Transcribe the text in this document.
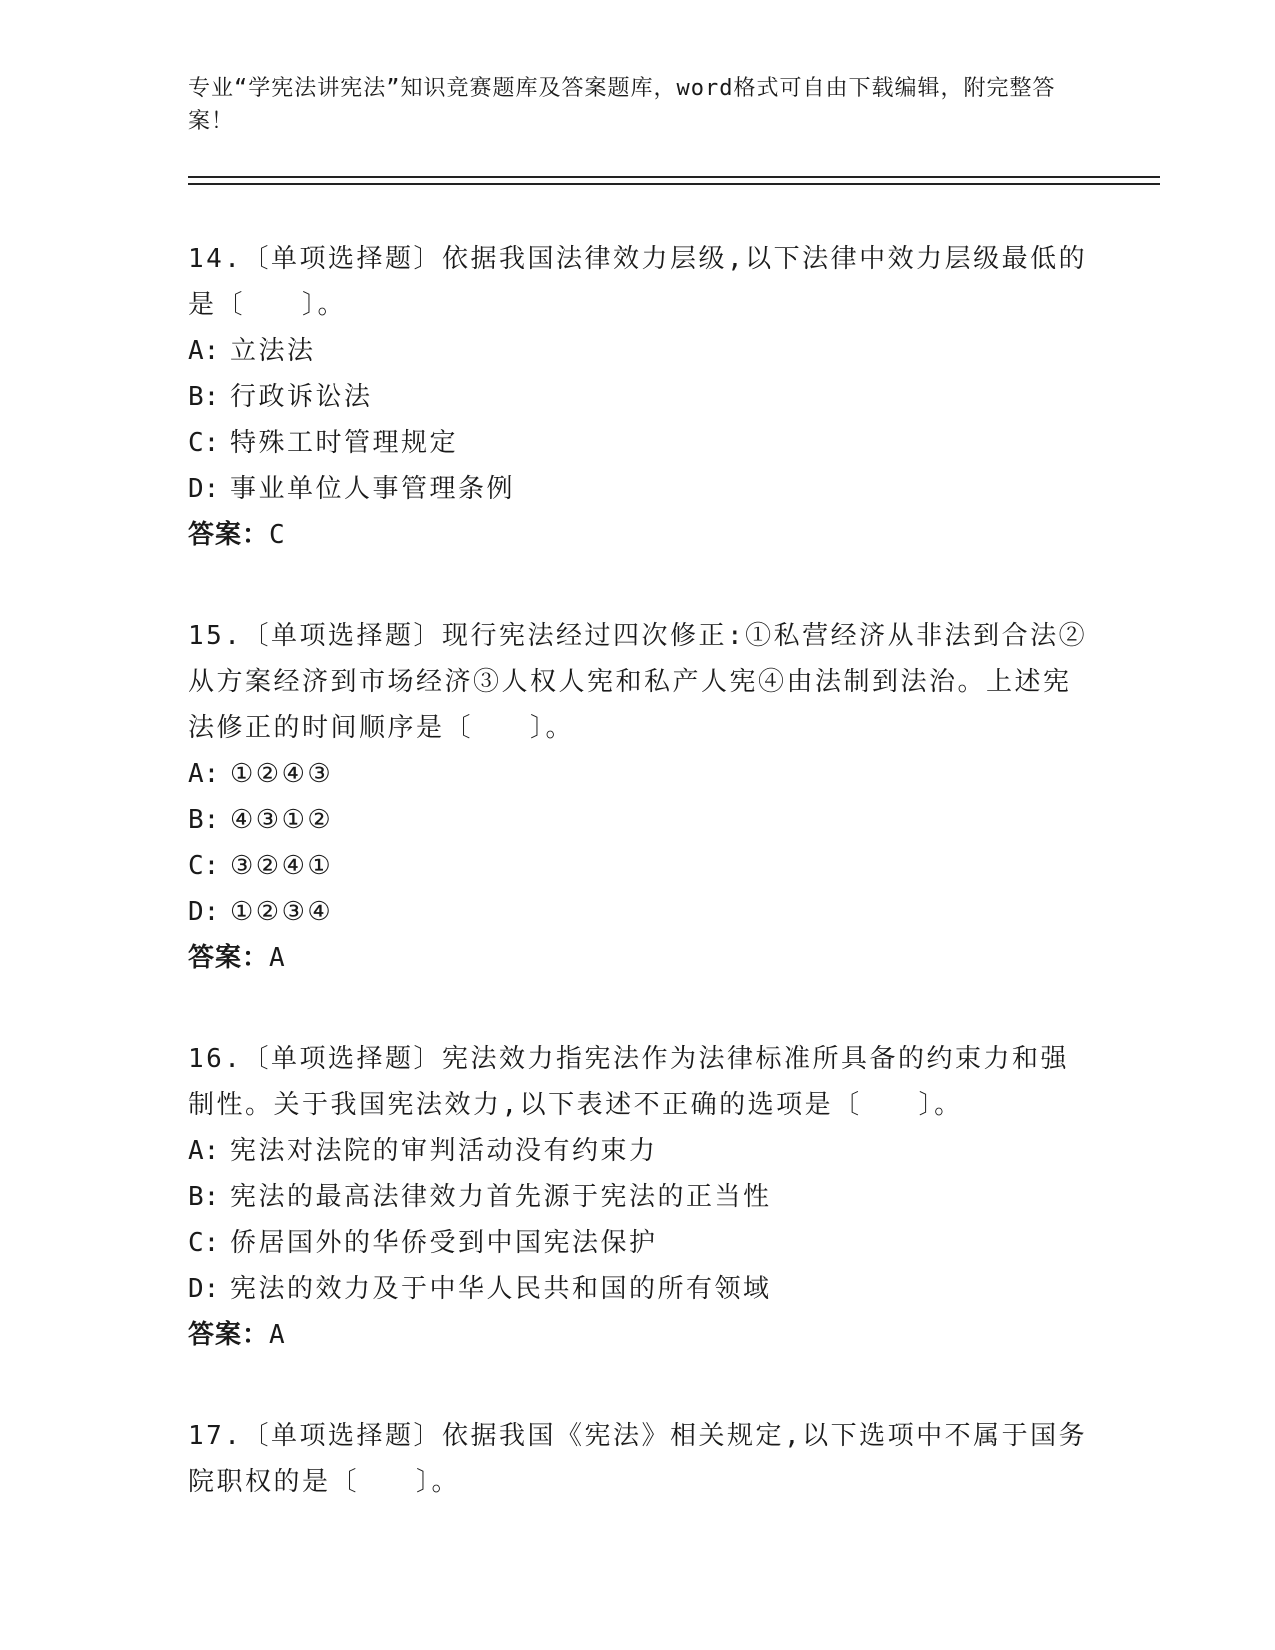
专业“学宪法讲宪法”知识竞赛题库及答案题库，word格式可自由下载编辑，附完整答案！

14.〔单项选择题〕依据我国法律效力层级,以下法律中效力层级最低的是〔　　〕。

A: 立法法
B: 行政诉讼法
C: 特殊工时管理规定
D: 事业单位人事管理条例
答案：C

15.〔单项选择题〕现行宪法经过四次修正:①私营经济从非法到合法②从方案经济到市场经济③人权人宪和私产人宪④由法制到法治。上述宪法修正的时间顺序是〔　　〕。

A: ①②④③
B: ④③①②
C: ③②④①
D: ①②③④
答案：A

16.〔单项选择题〕宪法效力指宪法作为法律标准所具备的约束力和强制性。关于我国宪法效力,以下表述不正确的选项是〔　　〕。

A: 宪法对法院的审判活动没有约束力
B: 宪法的最高法律效力首先源于宪法的正当性
C: 侨居国外的华侨受到中国宪法保护
D: 宪法的效力及于中华人民共和国的所有领域
答案：A

17.〔单项选择题〕依据我国《宪法》相关规定,以下选项中不属于国务院职权的是〔　　〕。
